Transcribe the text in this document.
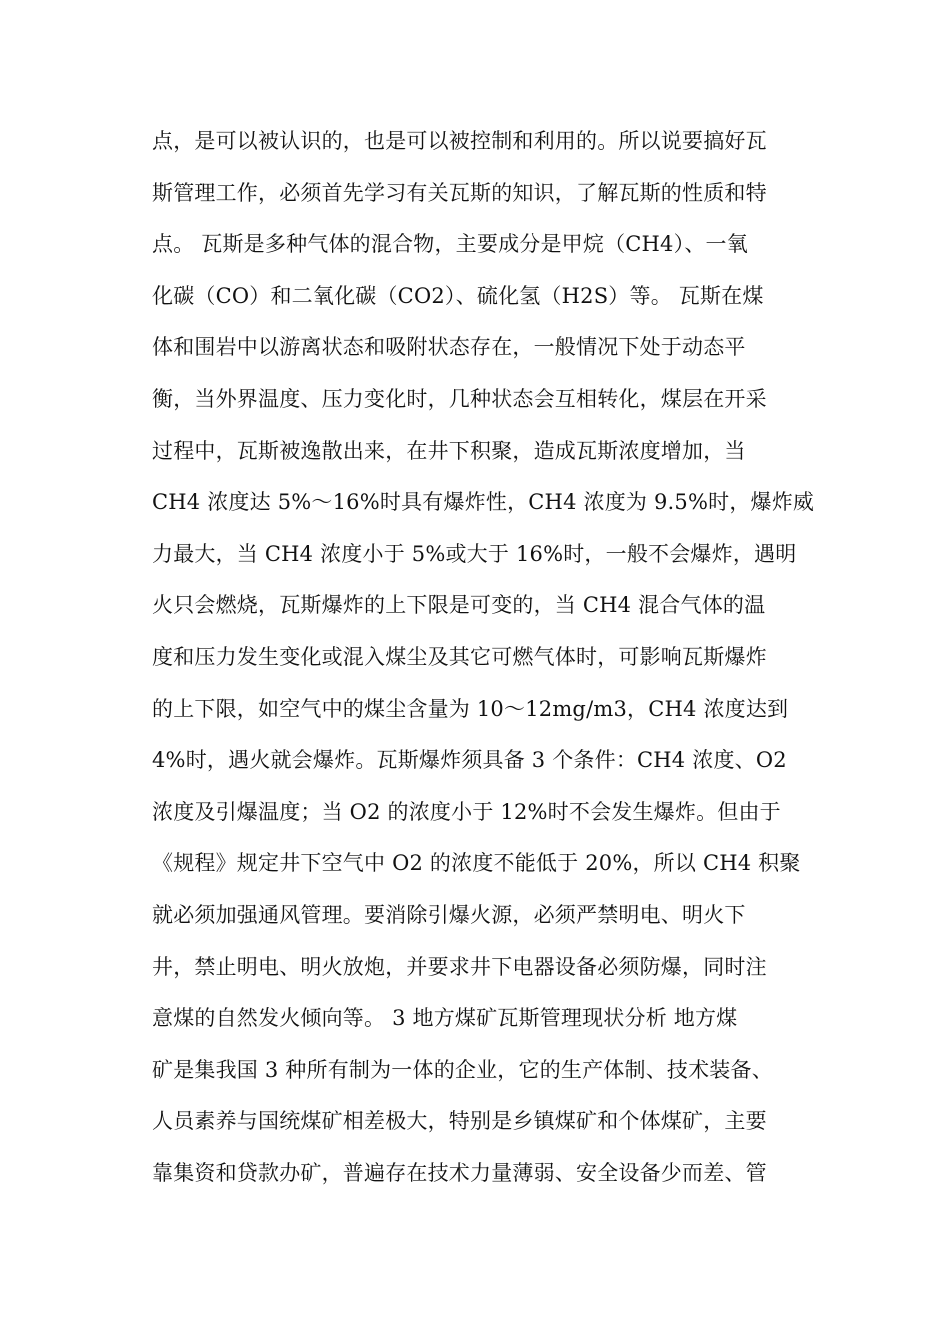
点，是可以被认识的，也是可以被控制和利用的。所以说要搞好瓦
斯管理工作，必须首先学习有关瓦斯的知识，了解瓦斯的性质和特
点。 瓦斯是多种气体的混合物，主要成分是甲烷（CH4）、一氧
化碳（CO）和二氧化碳（CO2）、硫化氢（H2S）等。 瓦斯在煤
体和围岩中以游离状态和吸附状态存在，一般情况下处于动态平
衡，当外界温度、压力变化时，几种状态会互相转化，煤层在开采
过程中，瓦斯被逸散出来，在井下积聚，造成瓦斯浓度增加，当
CH4 浓度达 5%～16%时具有爆炸性，CH4 浓度为 9.5%时，爆炸威
力最大，当 CH4 浓度小于 5%或大于 16%时，一般不会爆炸，遇明
火只会燃烧，瓦斯爆炸的上下限是可变的，当 CH4 混合气体的温
度和压力发生变化或混入煤尘及其它可燃气体时，可影响瓦斯爆炸
的上下限，如空气中的煤尘含量为 10～12mg/m3，CH4 浓度达到
4%时，遇火就会爆炸。瓦斯爆炸须具备 3 个条件：CH4 浓度、O2
浓度及引爆温度；当 O2 的浓度小于 12%时不会发生爆炸。但由于
《规程》规定井下空气中 O2 的浓度不能低于 20%，所以 CH4 积聚
就必须加强通风管理。要消除引爆火源，必须严禁明电、明火下
井，禁止明电、明火放炮，并要求井下电器设备必须防爆，同时注
意煤的自然发火倾向等。 3 地方煤矿瓦斯管理现状分析 地方煤
矿是集我国 3 种所有制为一体的企业，它的生产体制、技术装备、
人员素养与国统煤矿相差极大，特别是乡镇煤矿和个体煤矿，主要
靠集资和贷款办矿，普遍存在技术力量薄弱、安全设备少而差、管
